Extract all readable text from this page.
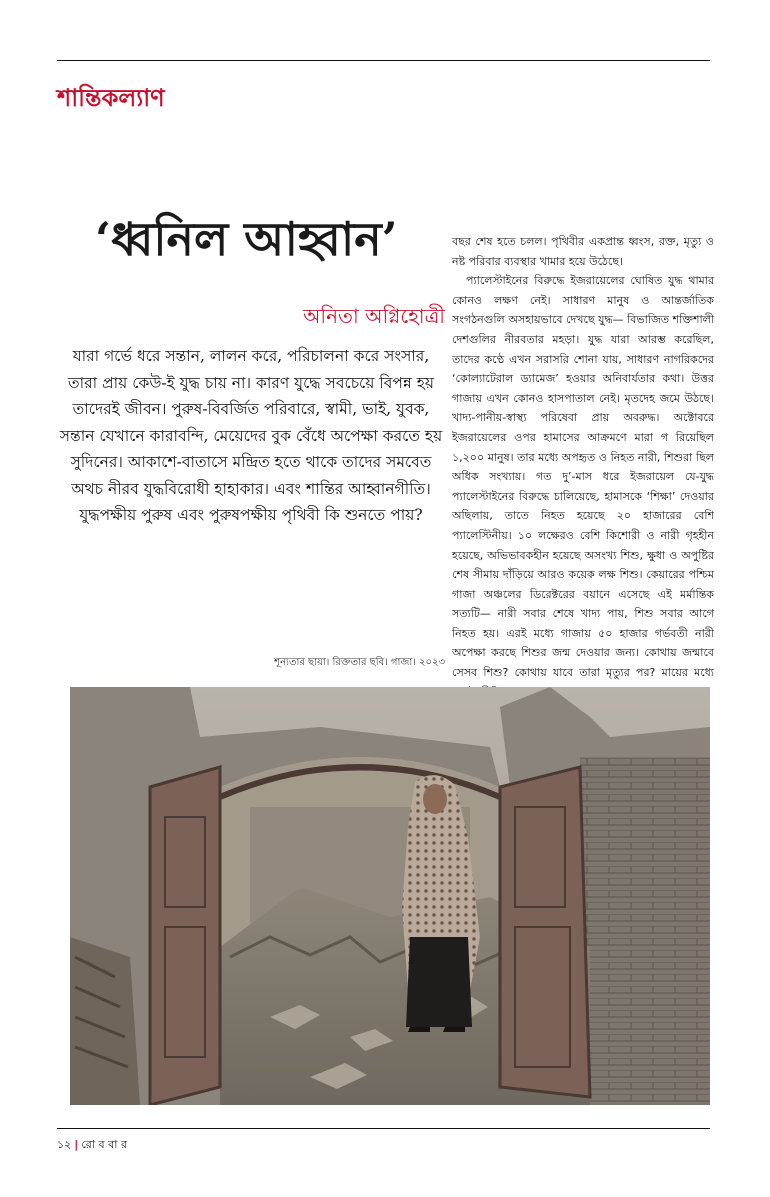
শান্তিকল্যাণ
‘ধ্বনিল আহ্বান’
অনিতা অগ্নিহোত্রী

যারা গর্ভে ধরে সন্তান, লালন করে, পরিচালনা করে সংসার, তারা প্রায় কেউ-ই যুদ্ধ চায় না। কারণ যুদ্ধে সবচেয়ে বিপন্ন হয় তাদেরই জীবন। পুরুষ-বিবর্জিত পরিবারে, স্বামী, ভাই, যুবক, সন্তান যেখানে কারাবন্দি, মেয়েদের বুক বেঁধে অপেক্ষা করতে হয় সুদিনের। আকাশে-বাতাসে মন্দ্রিত হতে থাকে তাদের সমবেত অথচ নীরব যুদ্ধবিরোধী হাহাকার। এবং শান্তির আহ্বানগীতি। যুদ্ধপক্ষীয় পুরুষ এবং পুরুষপক্ষীয় পৃথিবী কি শুনতে পায়?

শূন্যতার ছায়া। রিক্ততার ছবি। গাজা। ২০২৩

বছর শেষ হতে চলল। পৃথিবীর একপ্রান্ত ধ্বংস, রক্ত, মৃত্যু ও নষ্ট পরিবার ব্যবস্থার খামার হয়ে উঠেছে।

প্যালেস্টাইনের বিরুদ্ধে ইজরায়েলের ঘোষিত যুদ্ধ থামার কোনও লক্ষণ নেই। সাধারণ মানুষ ও আন্তর্জাতিক সংগঠনগুলি অসহায়ভাবে দেখছে যুদ্ধ— বিভাজিত শক্তিশালী দেশগুলির নীরবতার মহড়া। যুদ্ধ যারা আরম্ভ করেছিল, তাদের কণ্ঠে এখন সরাসরি শোনা যায়, সাধারণ নাগরিকদের ‘কোল্যাটেরাল ড্যামেজ’ হওয়ার অনিবার্যতার কথা। উত্তর গাজায় এখন কোনও হাসপাতাল নেই। মৃতদেহ জমে উঠছে। খাদ্য-পানীয়-স্বাস্থ্য পরিষেবা প্রায় অবরুদ্ধ। অক্টোবরে ইজরায়েলের ওপর হামাসের আক্রমণে মারা গ রিয়েছিল ১,২০০ মানুষ। তার মধ্যে অপহৃত ও নিহত নারী, শিশুরা ছিল অধিক সংখ্যায়। গত দু’-মাস ধরে ইজরায়েল যে-যুদ্ধ প্যালেস্টাইনের বিরুদ্ধে চালিয়েছে, হামাসকে ‘শিক্ষা’ দেওয়ার অছিলায়, তাতে নিহত হয়েছে ২০ হাজারের বেশি প্যালেস্টিনীয়। ১০ লক্ষেরও বেশি কিশোরী ও নারী গৃহহীন হয়েছে, অভিভাবকহীন হয়েছে অসংখ্য শিশু, ক্ষুধা ও অপুষ্টির শেষ সীমায় দাঁড়িয়ে আরও কয়েক লক্ষ শিশু। কেয়ারের পশ্চিম গাজা অঞ্চলের ডিরেক্টরের বয়ানে এসেছে এই মর্মান্তিক সত্যটি— নারী সবার শেষে খাদ্য পায়, শিশু সবার আগে নিহত হয়। এরই মধ্যে গাজায় ৫০ হাজার গর্ভবতী নারী অপেক্ষা করছে শিশুর জন্ম দেওয়ার জন্য। কোথায় জন্মাবে সেসব শিশু? কোথায় যাবে তারা মৃত্যুর পর? মায়ের মধ্যে

১২ | রো ব বা র
